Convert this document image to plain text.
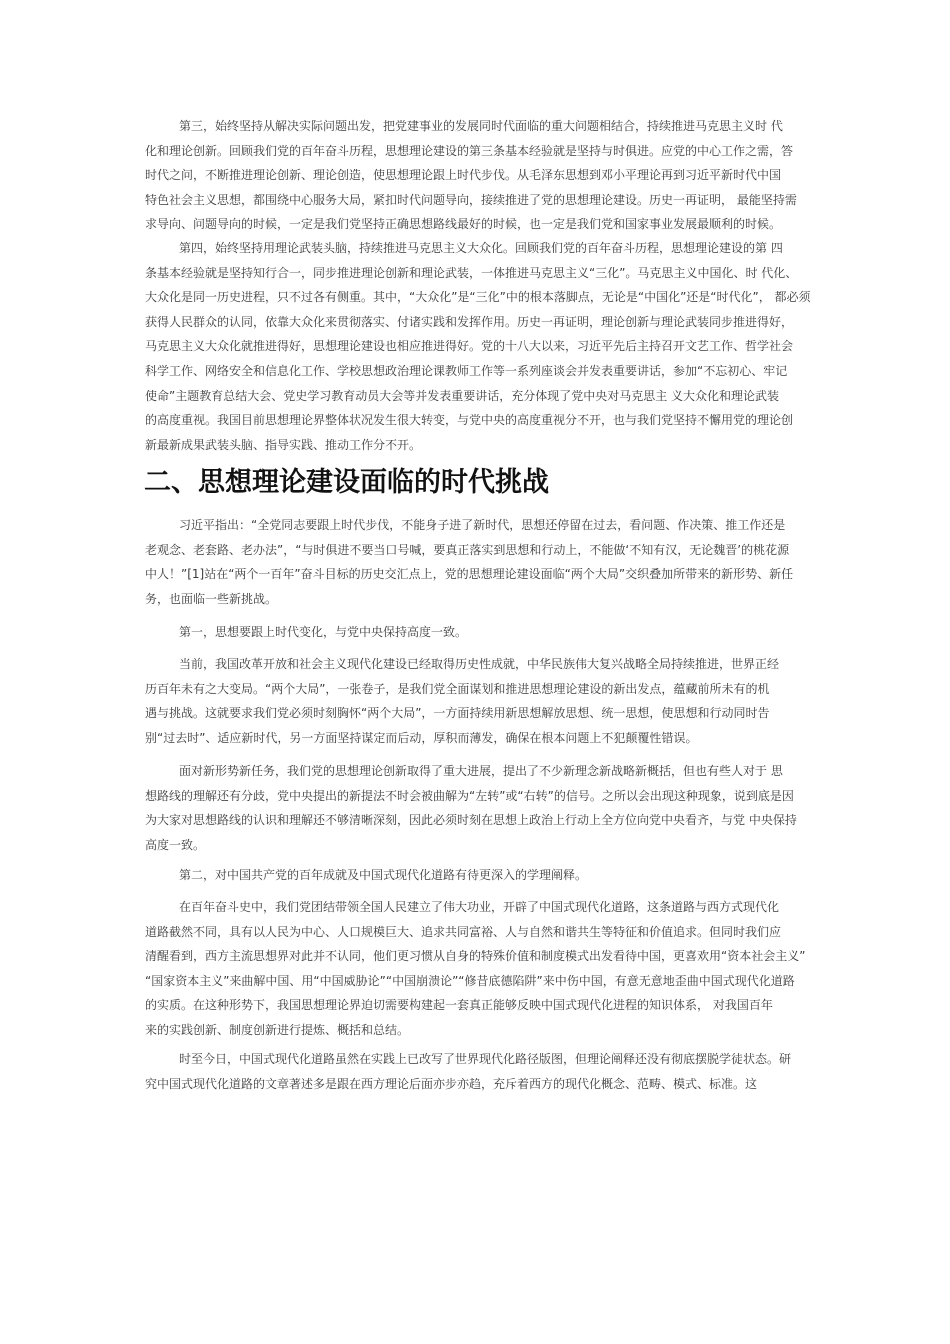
第三，始终坚持从解决实际问题出发，把党建事业的发展同时代面临的重大问题相结合，持续推进马克思主义时 代
化和理论创新。回顾我们党的百年奋斗历程，思想理论建设的第三条基本经验就是坚持与时俱进。应党的中心工作之需，答
时代之问，不断推进理论创新、理论创造，使思想理论跟上时代步伐。从毛泽东思想到邓小平理论再到习近平新时代中国
特色社会主义思想，都围绕中心服务大局，紧扣时代问题导向，接续推进了党的思想理论建设。历史一再证明， 最能坚持需
求导向、问题导向的时候，一定是我们党坚持正确思想路线最好的时候，也一定是我们党和国家事业发展最顺利的时候。
第四，始终坚持用理论武装头脑，持续推进马克思主义大众化。回顾我们党的百年奋斗历程，思想理论建设的第 四
条基本经验就是坚持知行合一，同步推进理论创新和理论武装，一体推进马克思主义“三化”。马克思主义中国化、时 代化、
大众化是同一历史进程，只不过各有侧重。其中，“大众化”是“三化”中的根本落脚点，无论是“中国化”还是“时代化”， 都必须
获得人民群众的认同，依靠大众化来贯彻落实、付诸实践和发挥作用。历史一再证明，理论创新与理论武装同步推进得好，
马克思主义大众化就推进得好，思想理论建设也相应推进得好。党的十八大以来，习近平先后主持召开文艺工作、哲学社会
科学工作、网络安全和信息化工作、学校思想政治理论课教师工作等一系列座谈会并发表重要讲话，参加“不忘初心、牢记
使命”主题教育总结大会、党史学习教育动员大会等并发表重要讲话，充分体现了党中央对马克思主 义大众化和理论武装
的高度重视。我国目前思想理论界整体状况发生很大转变，与党中央的高度重视分不开，也与我们党坚持不懈用党的理论创
新最新成果武装头脑、指导实践、推动工作分不开。
二、思想理论建设面临的时代挑战
习近平指出：“全党同志要跟上时代步伐，不能身子进了新时代，思想还停留在过去，看问题、作决策、推工作还是
老观念、老套路、老办法”，“与时俱进不要当口号喊，要真正落实到思想和行动上，不能做‘不知有汉，无论魏晋’的桃花源
中人！”[1]站在“两个一百年”奋斗目标的历史交汇点上，党的思想理论建设面临“两个大局”交织叠加所带来的新形势、新任
务，也面临一些新挑战。
第一，思想要跟上时代变化，与党中央保持高度一致。
当前，我国改革开放和社会主义现代化建设已经取得历史性成就，中华民族伟大复兴战略全局持续推进，世界正经
历百年未有之大变局。“两个大局”，一张卷子，是我们党全面谋划和推进思想理论建设的新出发点，蕴藏前所未有的机
遇与挑战。这就要求我们党必须时刻胸怀“两个大局”，一方面持续用新思想解放思想、统一思想，使思想和行动同时告
别“过去时”、适应新时代，另一方面坚持谋定而后动，厚积而薄发，确保在根本问题上不犯颠覆性错误。
面对新形势新任务，我们党的思想理论创新取得了重大进展，提出了不少新理念新战略新概括，但也有些人对于 思
想路线的理解还有分歧，党中央提出的新提法不时会被曲解为“左转”或“右转”的信号。之所以会出现这种现象，说到底是因
为大家对思想路线的认识和理解还不够清晰深刻，因此必须时刻在思想上政治上行动上全方位向党中央看齐，与党 中央保持
高度一致。
第二，对中国共产党的百年成就及中国式现代化道路有待更深入的学理阐释。
在百年奋斗史中，我们党团结带领全国人民建立了伟大功业，开辟了中国式现代化道路，这条道路与西方式现代化
道路截然不同，具有以人民为中心、人口规模巨大、追求共同富裕、人与自然和谐共生等特征和价值追求。但同时我们应
清醒看到，西方主流思想界对此并不认同，他们更习惯从自身的特殊价值和制度模式出发看待中国，更喜欢用“资本社会主义”
“国家资本主义”来曲解中国、用“中国威胁论”“中国崩溃论”“修昔底德陷阱”来中伤中国，有意无意地歪曲中国式现代化道路
的实质。在这种形势下，我国思想理论界迫切需要构建起一套真正能够反映中国式现代化进程的知识体系， 对我国百年
来的实践创新、制度创新进行提炼、概括和总结。
时至今日，中国式现代化道路虽然在实践上已改写了世界现代化路径版图，但理论阐释还没有彻底摆脱学徒状态。研
究中国式现代化道路的文章著述多是跟在西方理论后面亦步亦趋，充斥着西方的现代化概念、范畴、模式、标准。这
